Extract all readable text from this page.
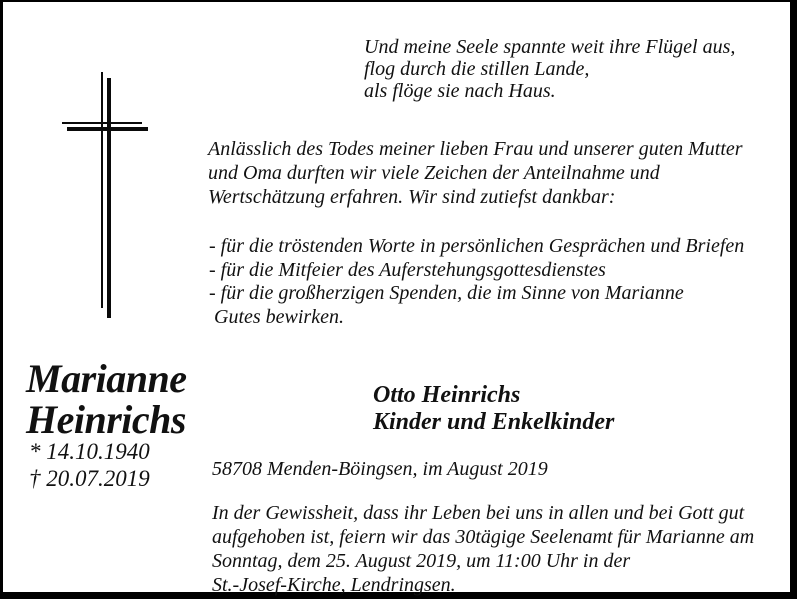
Und meine Seele spannte weit ihre Flügel aus,
flog durch die stillen Lande,
als flöge sie nach Haus.
Anlässlich des Todes meiner lieben Frau und unserer guten Mutter
und Oma durften wir viele Zeichen der Anteilnahme und
Wertschätzung erfahren. Wir sind zutiefst dankbar:
- für die tröstenden Worte in persönlichen Gesprächen und Briefen
- für die Mitfeier des Auferstehungsgottesdienstes
- für die großherzigen Spenden, die im Sinne von Marianne
Gutes bewirken.
Marianne
Heinrichs
* 14.10.1940
† 20.07.2019
Otto Heinrichs
Kinder und Enkelkinder
58708 Menden-Böingsen, im August 2019
In der Gewissheit, dass ihr Leben bei uns in allen und bei Gott gut
aufgehoben ist, feiern wir das 30tägige Seelenamt für Marianne am
Sonntag, dem 25. August 2019, um 11:00 Uhr in der
St.-Josef-Kirche, Lendringsen.
